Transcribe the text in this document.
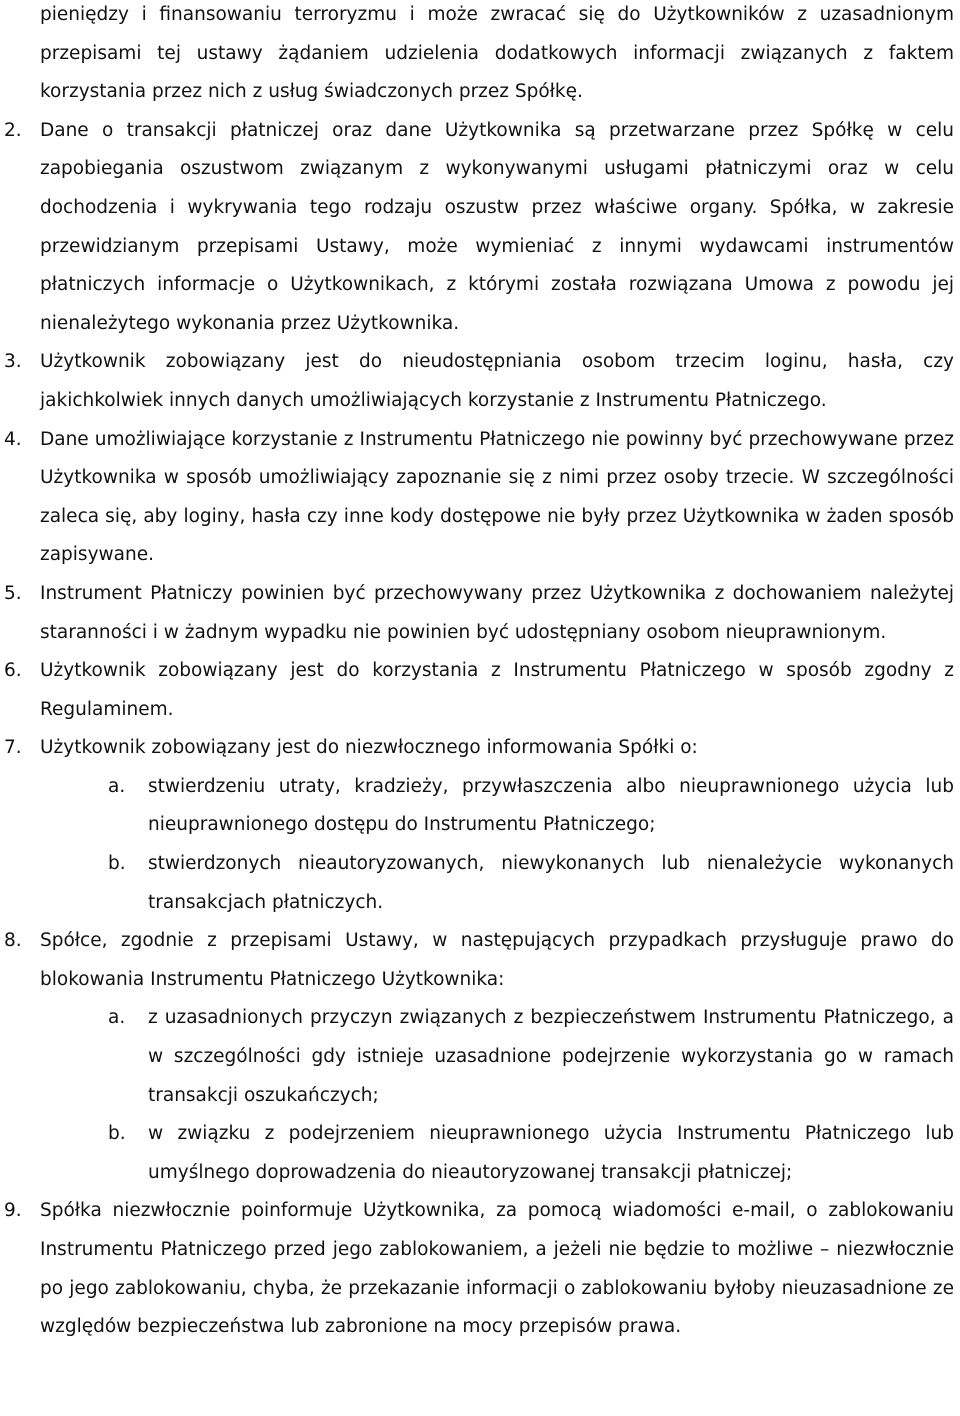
pieniędzy i finansowaniu terroryzmu i może zwracać się do Użytkowników z uzasadnionym przepisami tej ustawy żądaniem udzielenia dodatkowych informacji związanych z faktem korzystania przez nich z usług świadczonych przez Spółkę.
2. Dane o transakcji płatniczej oraz dane Użytkownika są przetwarzane przez Spółkę w celu zapobiegania oszustwom związanym z wykonywanymi usługami płatniczymi oraz w celu dochodzenia i wykrywania tego rodzaju oszustw przez właściwe organy. Spółka, w zakresie przewidzianym przepisami Ustawy, może wymieniać z innymi wydawcami instrumentów płatniczych informacje o Użytkownikach, z którymi została rozwiązana Umowa z powodu jej nienależytego wykonania przez Użytkownika.
3. Użytkownik zobowiązany jest do nieudostępniania osobom trzecim loginu, hasła, czy jakichkolwiek innych danych umożliwiających korzystanie z Instrumentu Płatniczego.
4. Dane umożliwiające korzystanie z Instrumentu Płatniczego nie powinny być przechowywane przez Użytkownika w sposób umożliwiający zapoznanie się z nimi przez osoby trzecie. W szczególności zaleca się, aby loginy, hasła czy inne kody dostępowe nie były przez Użytkownika w żaden sposób zapisywane.
5. Instrument Płatniczy powinien być przechowywany przez Użytkownika z dochowaniem należytej staranności i w żadnym wypadku nie powinien być udostępniany osobom nieuprawnionym.
6. Użytkownik zobowiązany jest do korzystania z Instrumentu Płatniczego w sposób zgodny z Regulaminem.
7. Użytkownik zobowiązany jest do niezwłocznego informowania Spółki o:
a. stwierdzeniu utraty, kradzieży, przywłaszczenia albo nieuprawnionego użycia lub nieuprawnionego dostępu do Instrumentu Płatniczego;
b. stwierdzonych nieautoryzowanych, niewykonanych lub nienależycie wykonanych transakcjach płatniczych.
8. Spółce, zgodnie z przepisami Ustawy, w następujących przypadkach przysługuje prawo do blokowania Instrumentu Płatniczego Użytkownika:
a. z uzasadnionych przyczyn związanych z bezpieczeństwem Instrumentu Płatniczego, a w szczególności gdy istnieje uzasadnione podejrzenie wykorzystania go w ramach transakcji oszukańczych;
b. w związku z podejrzeniem nieuprawnionego użycia Instrumentu Płatniczego lub umyślnego doprowadzenia do nieautoryzowanej transakcji płatniczej;
9. Spółka niezwłocznie poinformuje Użytkownika, za pomocą wiadomości e-mail, o zablokowaniu Instrumentu Płatniczego przed jego zablokowaniem, a jeżeli nie będzie to możliwe – niezwłocznie po jego zablokowaniu, chyba, że przekazanie informacji o zablokowaniu byłoby nieuzasadnione ze względów bezpieczeństwa lub zabronione na mocy przepisów prawa.
